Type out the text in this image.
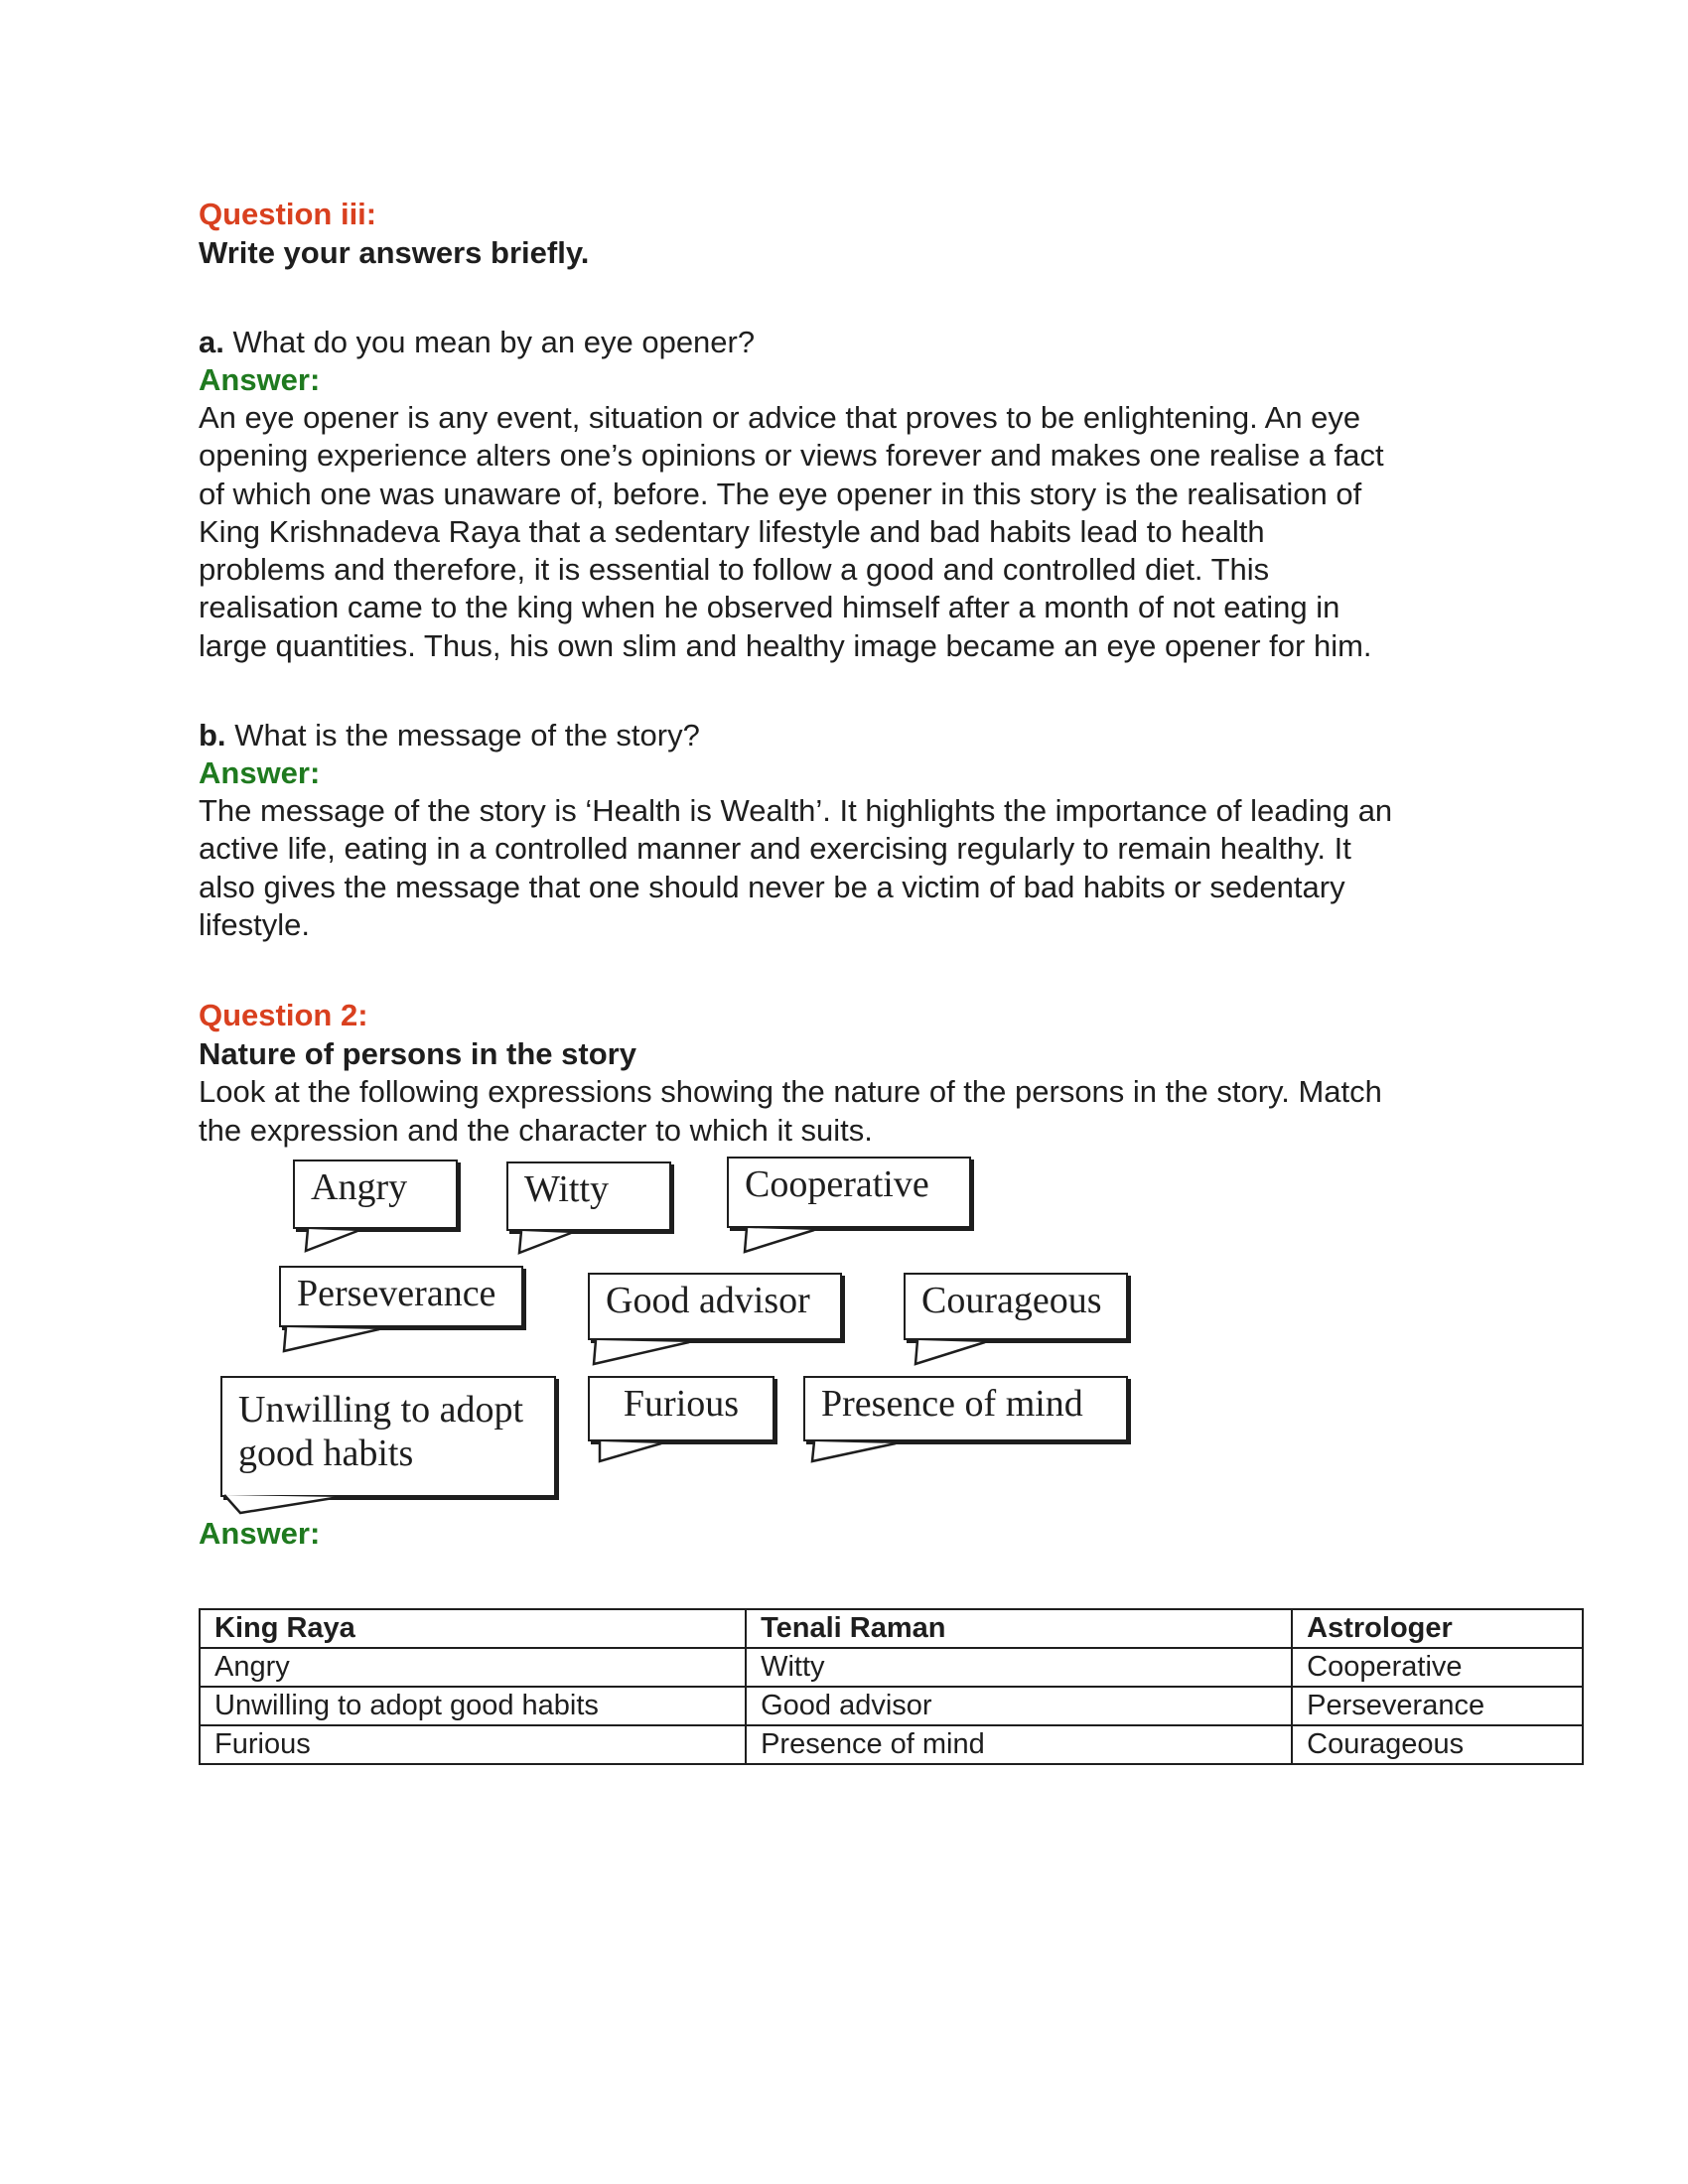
Question iii:

Write your answers briefly.

a. What do you mean by an eye opener?

Answer:

An eye opener is any event, situation or advice that proves to be enlightening. An eye
opening experience alters one’s opinions or views forever and makes one realise a fact
of which one was unaware of, before. The eye opener in this story is the realisation of
King Krishnadeva Raya that a sedentary lifestyle and bad habits lead to health
problems and therefore, it is essential to follow a good and controlled diet. This
realisation came to the king when he observed himself after a month of not eating in
large quantities. Thus, his own slim and healthy image became an eye opener for him.

b. What is the message of the story?

Answer:

The message of the story is ‘Health is Wealth’. It highlights the importance of leading an
active life, eating in a controlled manner and exercising regularly to remain healthy. It
also gives the message that one should never be a victim of bad habits or sedentary
lifestyle.

Question 2:

Nature of persons in the story

Look at the following expressions showing the nature of the persons in the story. Match
the expression and the character to which it suits.

Angry	Witty	Cooperative
Perseverance	Good advisor	Courageous
Unwilling to adopt
good habits
Furious	Presence of mind

Answer:

King Raya	Tenali Raman	Astrologer
Angry	Witty	Cooperative
Unwilling to adopt good habits	Good advisor	Perseverance
Furious	Presence of mind	Courageous
